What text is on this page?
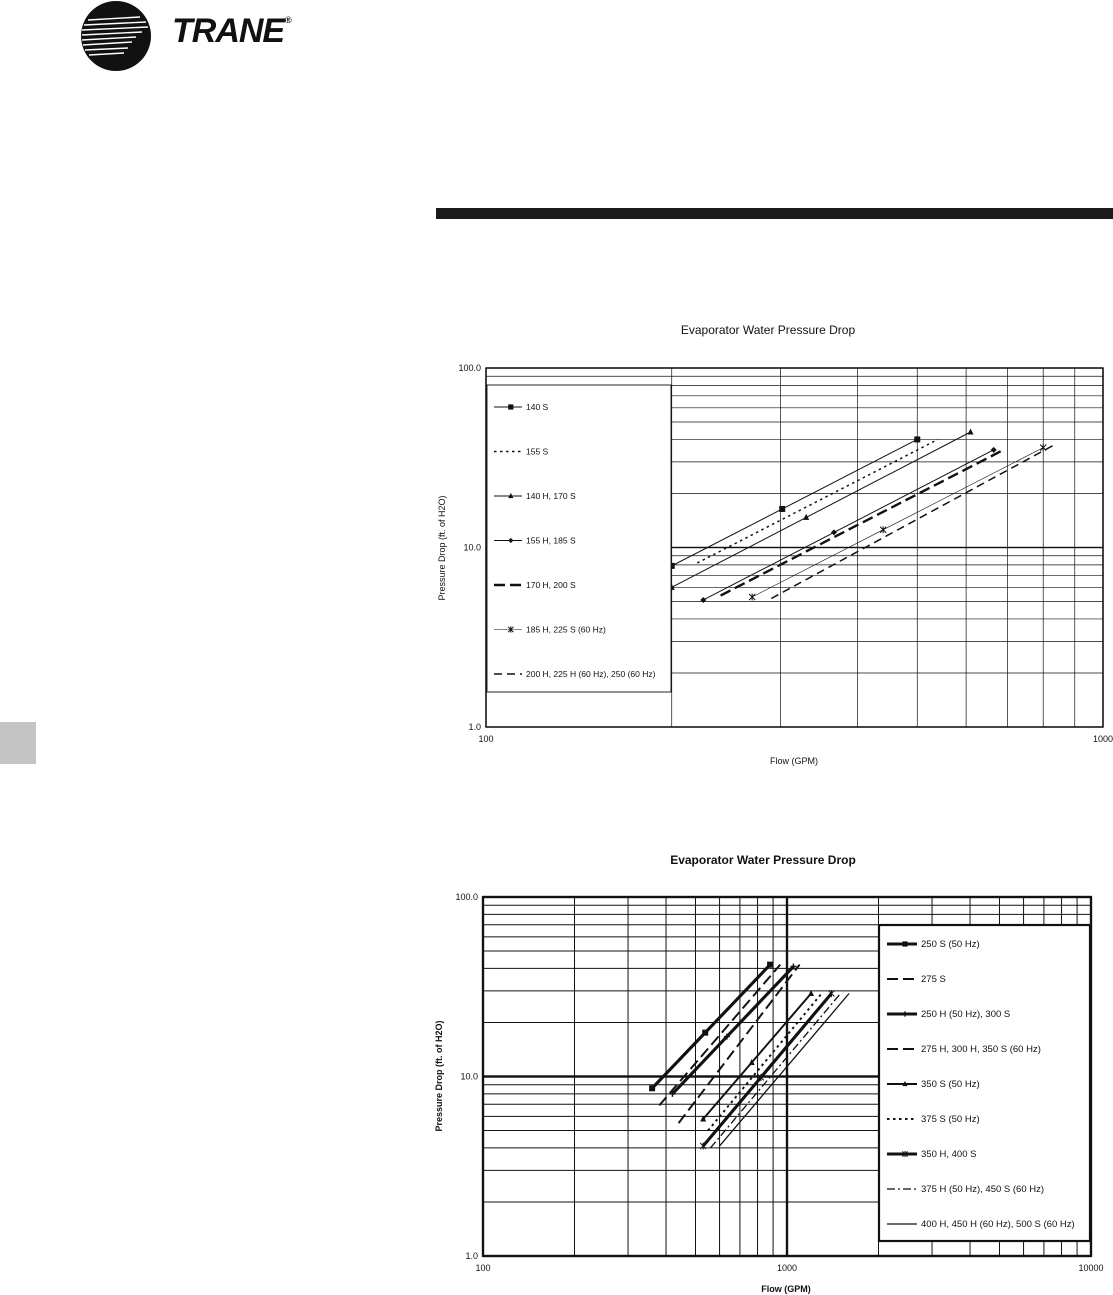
TRANE ®
Evaporator Water Pressure Drop
Pressure Drop (ft. of H2O)
Flow (GPM)
100	1000
1.0
10.0
100.0
140 S
155 S
140 H, 170 S
155 H, 185 S
170 H, 200 S
185 H, 225 S (60 Hz)
200 H, 225 H (60 Hz), 250 (60 Hz)
Evaporator Water Pressure Drop
Pressure Drop (ft. of H2O)
Flow (GPM)
100	1000	10000
1.0
10.0
100.0
250 S (50 Hz)
275 S
250 H (50 Hz), 300 S
275 H, 300 H, 350 S (60 Hz)
350 S (50 Hz)
375 S (50 Hz)
350 H, 400 S
375 H (50 Hz), 450 S (60 Hz)
400 H, 450 H (60 Hz), 500 S (60 Hz)
